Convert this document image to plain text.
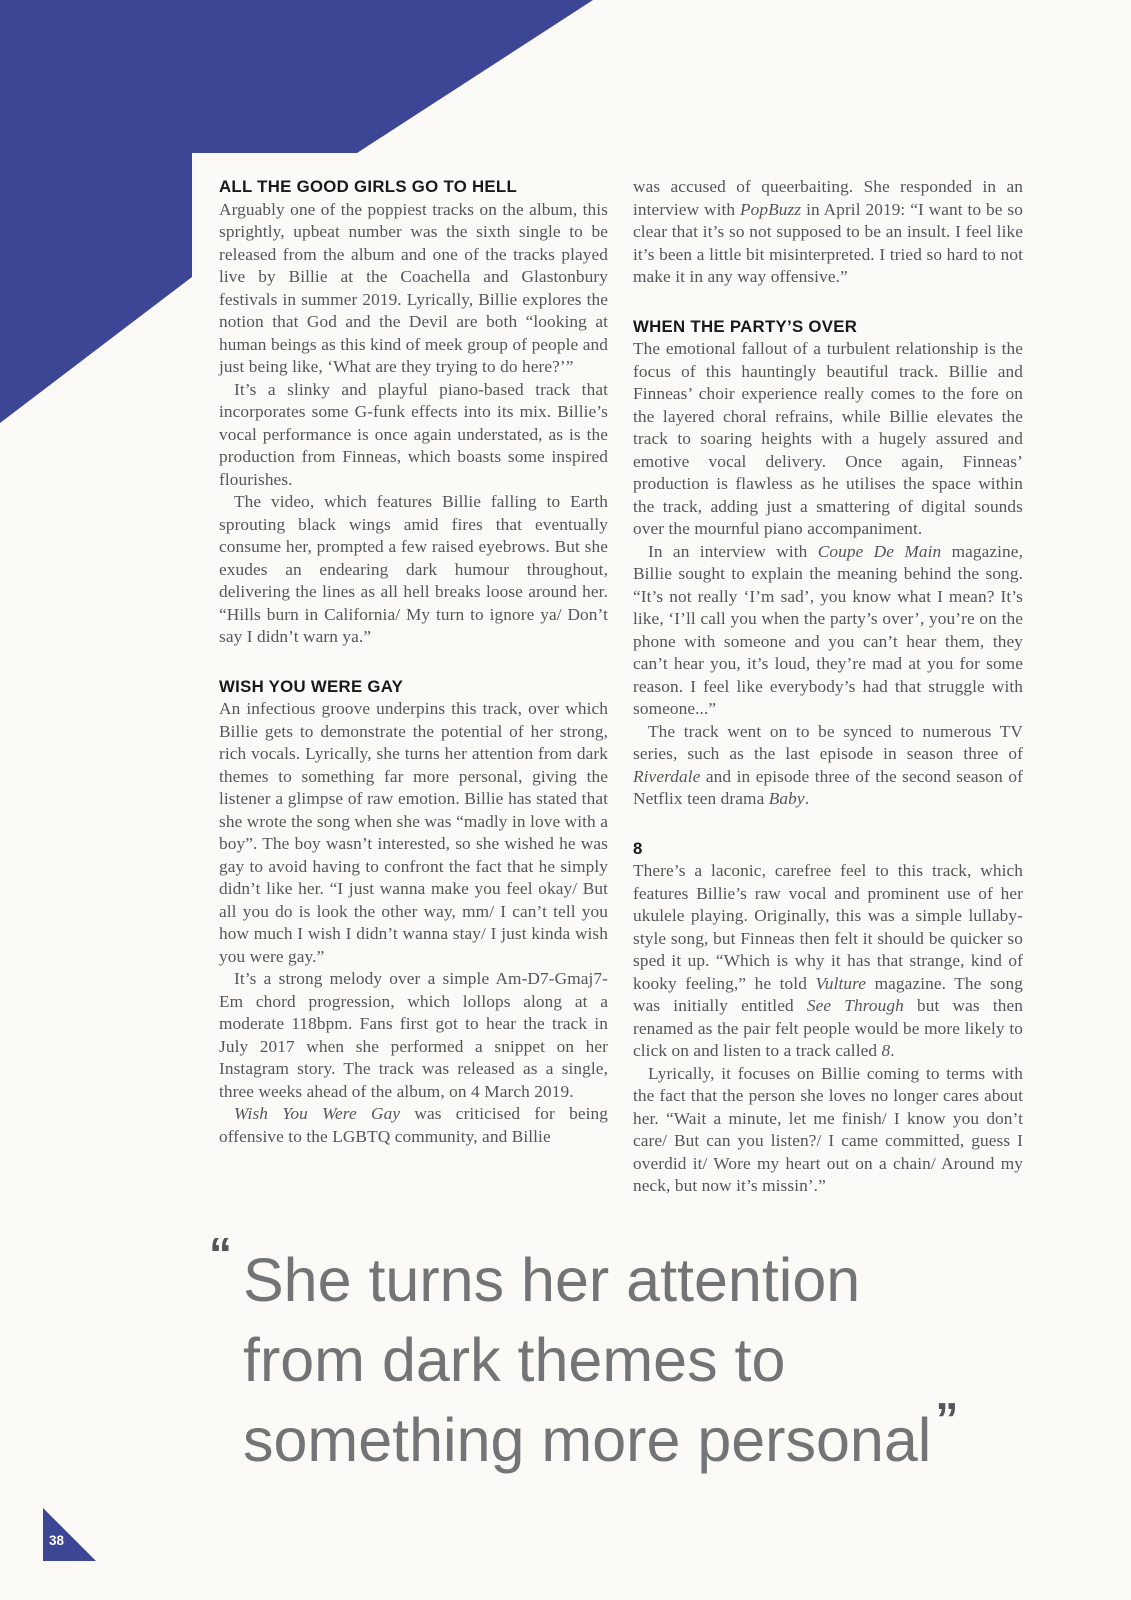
ALL THE GOOD GIRLS GO TO HELL

Arguably one of the poppiest tracks on the album, this sprightly, upbeat number was the sixth single to be released from the album and one of the tracks played live by Billie at the Coachella and Glastonbury festivals in summer 2019. Lyrically, Billie explores the notion that God and the Devil are both “looking at human beings as this kind of meek group of people and just being like, ‘What are they trying to do here?’”

It’s a slinky and playful piano-based track that incorporates some G-funk effects into its mix. Billie’s vocal performance is once again understated, as is the production from Finneas, which boasts some inspired flourishes.

The video, which features Billie falling to Earth sprouting black wings amid fires that eventually consume her, prompted a few raised eyebrows. But she exudes an endearing dark humour throughout, delivering the lines as all hell breaks loose around her. “Hills burn in California/ My turn to ignore ya/ Don’t say I didn’t warn ya.”

WISH YOU WERE GAY

An infectious groove underpins this track, over which Billie gets to demonstrate the potential of her strong, rich vocals. Lyrically, she turns her attention from dark themes to something far more personal, giving the listener a glimpse of raw emotion. Billie has stated that she wrote the song when she was “madly in love with a boy”. The boy wasn’t interested, so she wished he was gay to avoid having to confront the fact that he simply didn’t like her. “I just wanna make you feel okay/ But all you do is look the other way, mm/ I can’t tell you how much I wish I didn’t wanna stay/ I just kinda wish you were gay.”

It’s a strong melody over a simple Am-D7-Gmaj7-Em chord progression, which lollops along at a moderate 118bpm. Fans first got to hear the track in July 2017 when she performed a snippet on her Instagram story. The track was released as a single, three weeks ahead of the album, on 4 March 2019.

Wish You Were Gay was criticised for being offensive to the LGBTQ community, and Billie

was accused of queerbaiting. She responded in an interview with PopBuzz in April 2019: “I want to be so clear that it’s so not supposed to be an insult. I feel like it’s been a little bit misinterpreted. I tried so hard to not make it in any way offensive.”

WHEN THE PARTY’S OVER

The emotional fallout of a turbulent relationship is the focus of this hauntingly beautiful track. Billie and Finneas’ choir experience really comes to the fore on the layered choral refrains, while Billie elevates the track to soaring heights with a hugely assured and emotive vocal delivery. Once again, Finneas’ production is flawless as he utilises the space within the track, adding just a smattering of digital sounds over the mournful piano accompaniment.

In an interview with Coupe De Main magazine, Billie sought to explain the meaning behind the song. “It’s not really ‘I’m sad’, you know what I mean? It’s like, ‘I’ll call you when the party’s over’, you’re on the phone with someone and you can’t hear them, they can’t hear you, it’s loud, they’re mad at you for some reason. I feel like everybody’s had that struggle with someone...”

The track went on to be synced to numerous TV series, such as the last episode in season three of Riverdale and in episode three of the second season of Netflix teen drama Baby.

8

There’s a laconic, carefree feel to this track, which features Billie’s raw vocal and prominent use of her ukulele playing. Originally, this was a simple lullaby-style song, but Finneas then felt it should be quicker so sped it up. “Which is why it has that strange, kind of kooky feeling,” he told Vulture magazine. The song was initially entitled See Through but was then renamed as the pair felt people would be more likely to click on and listen to a track called 8.

Lyrically, it focuses on Billie coming to terms with the fact that the person she loves no longer cares about her. “Wait a minute, let me finish/ I know you don’t care/ But can you listen?/ I came committed, guess I overdid it/ Wore my heart out on a chain/ Around my neck, but now it’s missin’.”

“ She turns her attention
from dark themes to
something more personal”
38
